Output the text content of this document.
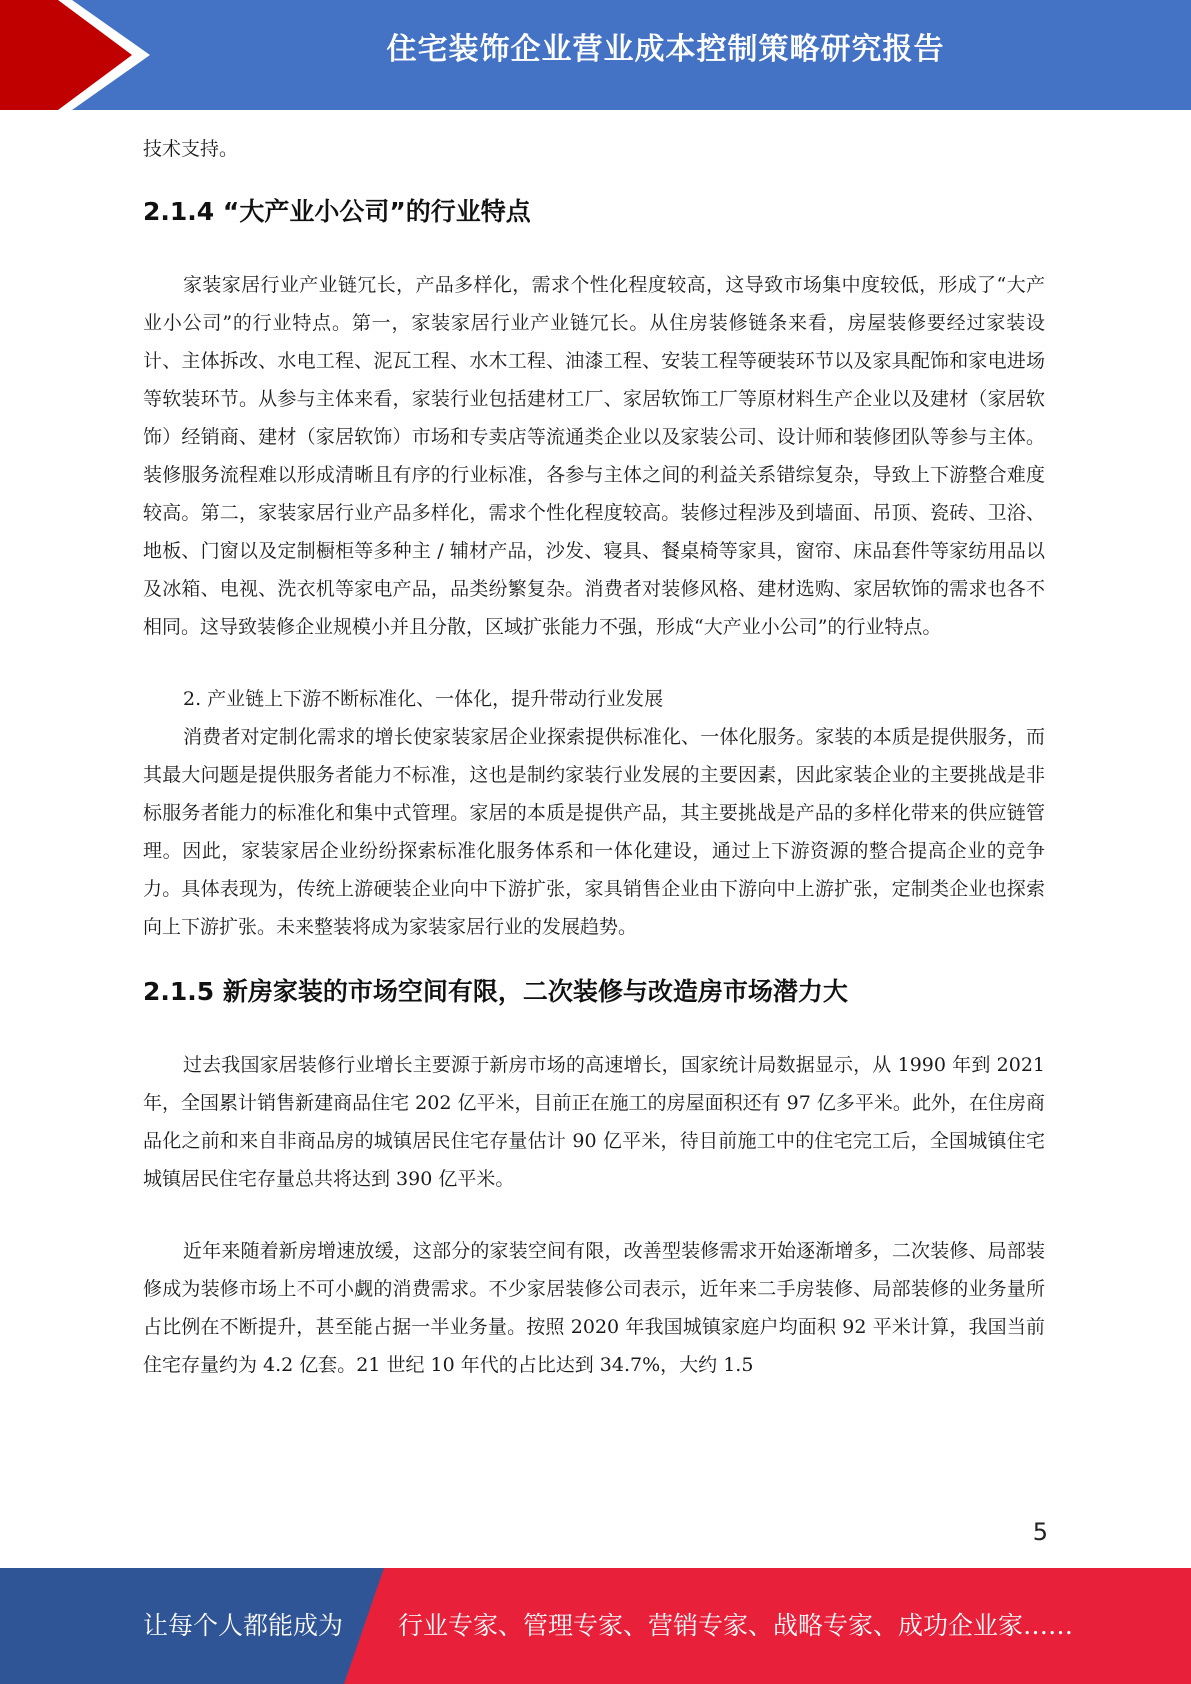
住宅装饰企业营业成本控制策略研究报告

技术支持。

2.1.4 “大产业小公司”的行业特点

家装家居行业产业链冗长，产品多样化，需求个性化程度较高，这导致市场集中度较低，形成了“大产业小公司”的行业特点。第一，家装家居行业产业链冗长。从住房装修链条来看，房屋装修要经过家装设计、主体拆改、水电工程、泥瓦工程、水木工程、油漆工程、安装工程等硬装环节以及家具配饰和家电进场等软装环节。从参与主体来看，家装行业包括建材工厂、家居软饰工厂等原材料生产企业以及建材（家居软饰）经销商、建材（家居软饰）市场和专卖店等流通类企业以及家装公司、设计师和装修团队等参与主体。装修服务流程难以形成清晰且有序的行业标准，各参与主体之间的利益关系错综复杂，导致上下游整合难度较高。第二，家装家居行业产品多样化，需求个性化程度较高。装修过程涉及到墙面、吊顶、瓷砖、卫浴、地板、门窗以及定制橱柜等多种主 / 辅材产品，沙发、寝具、餐桌椅等家具，窗帘、床品套件等家纺用品以及冰箱、电视、洗衣机等家电产品，品类纷繁复杂。消费者对装修风格、建材选购、家居软饰的需求也各不相同。这导致装修企业规模小并且分散，区域扩张能力不强，形成“大产业小公司”的行业特点。

2. 产业链上下游不断标准化、一体化，提升带动行业发展

消费者对定制化需求的增长使家装家居企业探索提供标准化、一体化服务。家装的本质是提供服务，而其最大问题是提供服务者能力不标准，这也是制约家装行业发展的主要因素，因此家装企业的主要挑战是非标服务者能力的标准化和集中式管理。家居的本质是提供产品，其主要挑战是产品的多样化带来的供应链管理。因此，家装家居企业纷纷探索标准化服务体系和一体化建设，通过上下游资源的整合提高企业的竞争力。具体表现为，传统上游硬装企业向中下游扩张，家具销售企业由下游向中上游扩张，定制类企业也探索向上下游扩张。未来整装将成为家装家居行业的发展趋势。

2.1.5 新房家装的市场空间有限，二次装修与改造房市场潜力大

过去我国家居装修行业增长主要源于新房市场的高速增长，国家统计局数据显示，从 1990 年到 2021 年，全国累计销售新建商品住宅 202 亿平米，目前正在施工的房屋面积还有 97 亿多平米。此外，在住房商品化之前和来自非商品房的城镇居民住宅存量估计 90 亿平米，待目前施工中的住宅完工后，全国城镇住宅城镇居民住宅存量总共将达到 390 亿平米。

近年来随着新房增速放缓，这部分的家装空间有限，改善型装修需求开始逐渐增多，二次装修、局部装修成为装修市场上不可小觑的消费需求。不少家居装修公司表示，近年来二手房装修、局部装修的业务量所占比例在不断提升，甚至能占据一半业务量。按照 2020 年我国城镇家庭户均面积 92 平米计算，我国当前住宅存量约为 4.2 亿套。21 世纪 10 年代的占比达到 34.7%，大约 1.5

5
让每个人都能成为 行业专家、管理专家、营销专家、战略专家、成功企业家……
